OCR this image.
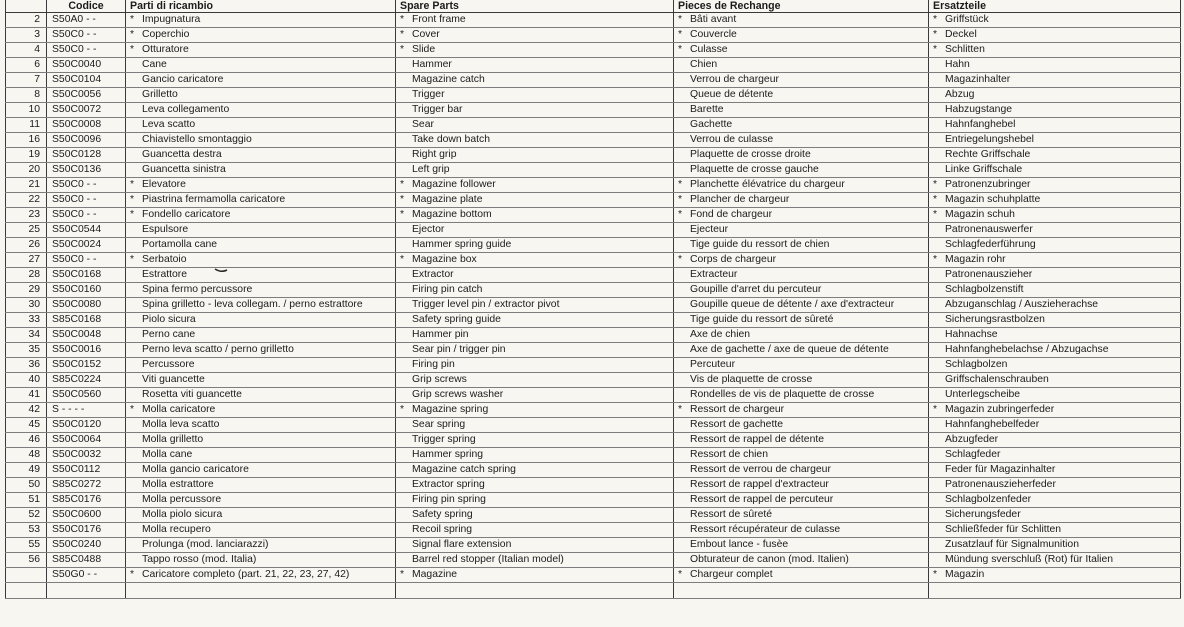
	Codice	Parti di ricambio	Spare Parts	Pieces de Rechange	Ersatzteile
2	S50A0 - -	* Impugnatura	* Front frame	* Bâti avant	* Griffstück
3	S50C0 - -	* Coperchio	* Cover	* Couvercle	* Deckel
4	S50C0 - -	* Otturatore	* Slide	* Culasse	* Schlitten
6	S50C0040	Cane	Hammer	Chien	Hahn
7	S50C0104	Gancio caricatore	Magazine catch	Verrou de chargeur	Magazinhalter
8	S50C0056	Grilletto	Trigger	Queue de détente	Abzug
10	S50C0072	Leva collegamento	Trigger bar	Barette	Habzugstange
11	S50C0008	Leva scatto	Sear	Gachette	Hahnfanghebel
16	S50C0096	Chiavistello smontaggio	Take down batch	Verrou de culasse	Entriegelungshebel
19	S50C0128	Guancetta destra	Right grip	Plaquette de crosse droite	Rechte Griffschale
20	S50C0136	Guancetta sinistra	Left grip	Plaquette de crosse gauche	Linke Griffschale
21	S50C0 - -	* Elevatore	* Magazine follower	* Planchette élévatrice du chargeur	* Patronenzubringer
22	S50C0 - -	* Piastrina fermamolla caricatore	* Magazine plate	* Plancher de chargeur	* Magazin schuhplatte
23	S50C0 - -	* Fondello caricatore	* Magazine bottom	* Fond de chargeur	* Magazin schuh
25	S50C0544	Espulsore	Ejector	Ejecteur	Patronenauswerfer
26	S50C0024	Portamolla cane	Hammer spring guide	Tige guide du ressort de chien	Schlagfederführung
27	S50C0 - -	* Serbatoio	* Magazine box	* Corps de chargeur	* Magazin rohr
28	S50C0168	Estrattore	Extractor	Extracteur	Patronenauszieher
29	S50C0160	Spina fermo percussore	Firing pin catch	Goupille d'arret du percuteur	Schlagbolzenstift
30	S50C0080	Spina grilletto - leva collegam. / perno estrattore	Trigger level pin / extractor pivot	Goupille queue de détente / axe d'extracteur	Abzuganschlag / Auszieherachse
33	S85C0168	Piolo sicura	Safety spring guide	Tige guide du ressort de sûreté	Sicherungsrastbolzen
34	S50C0048	Perno cane	Hammer pin	Axe de chien	Hahnachse
35	S50C0016	Perno leva scatto / perno grilletto	Sear pin / trigger pin	Axe de gachette / axe de queue de détente	Hahnfanghebelachse / Abzugachse
36	S50C0152	Percussore	Firing pin	Percuteur	Schlagbolzen
40	S85C0224	Viti guancette	Grip screws	Vis de plaquette de crosse	Griffschalenschrauben
41	S50C0560	Rosetta viti guancette	Grip screws washer	Rondelles de vis de plaquette de crosse	Unterlegscheibe
42	S - - - -	* Molla caricatore	* Magazine spring	* Ressort de chargeur	* Magazin zubringerfeder
45	S50C0120	Molla leva scatto	Sear spring	Ressort de gachette	Hahnfanghebelfeder
46	S50C0064	Molla grilletto	Trigger spring	Ressort de rappel de détente	Abzugfeder
48	S50C0032	Molla cane	Hammer spring	Ressort de chien	Schlagfeder
49	S50C0112	Molla gancio caricatore	Magazine catch spring	Ressort de verrou de chargeur	Feder für Magazinhalter
50	S85C0272	Molla estrattore	Extractor spring	Ressort de rappel d'extracteur	Patronenauszieherfeder
51	S85C0176	Molla percussore	Firing pin spring	Ressort de rappel de percuteur	Schlagbolzenfeder
52	S50C0600	Molla piolo sicura	Safety spring	Ressort de sûreté	Sicherungsfeder
53	S50C0176	Molla recupero	Recoil spring	Ressort récupérateur de culasse	Schließfeder für Schlitten
55	S50C0240	Prolunga (mod. lanciarazzi)	Signal flare extension	Embout lance - fusèe	Zusatzlauf für Signalmunition
56	S85C0488	Tappo rosso (mod. Italia)	Barrel red stopper (Italian model)	Obturateur de canon (mod. Italien)	Mündung sverschluß (Rot) für Italien
	S50G0 - -	* Caricatore completo (part. 21, 22, 23, 27, 42)	* Magazine	* Chargeur complet	* Magazin
